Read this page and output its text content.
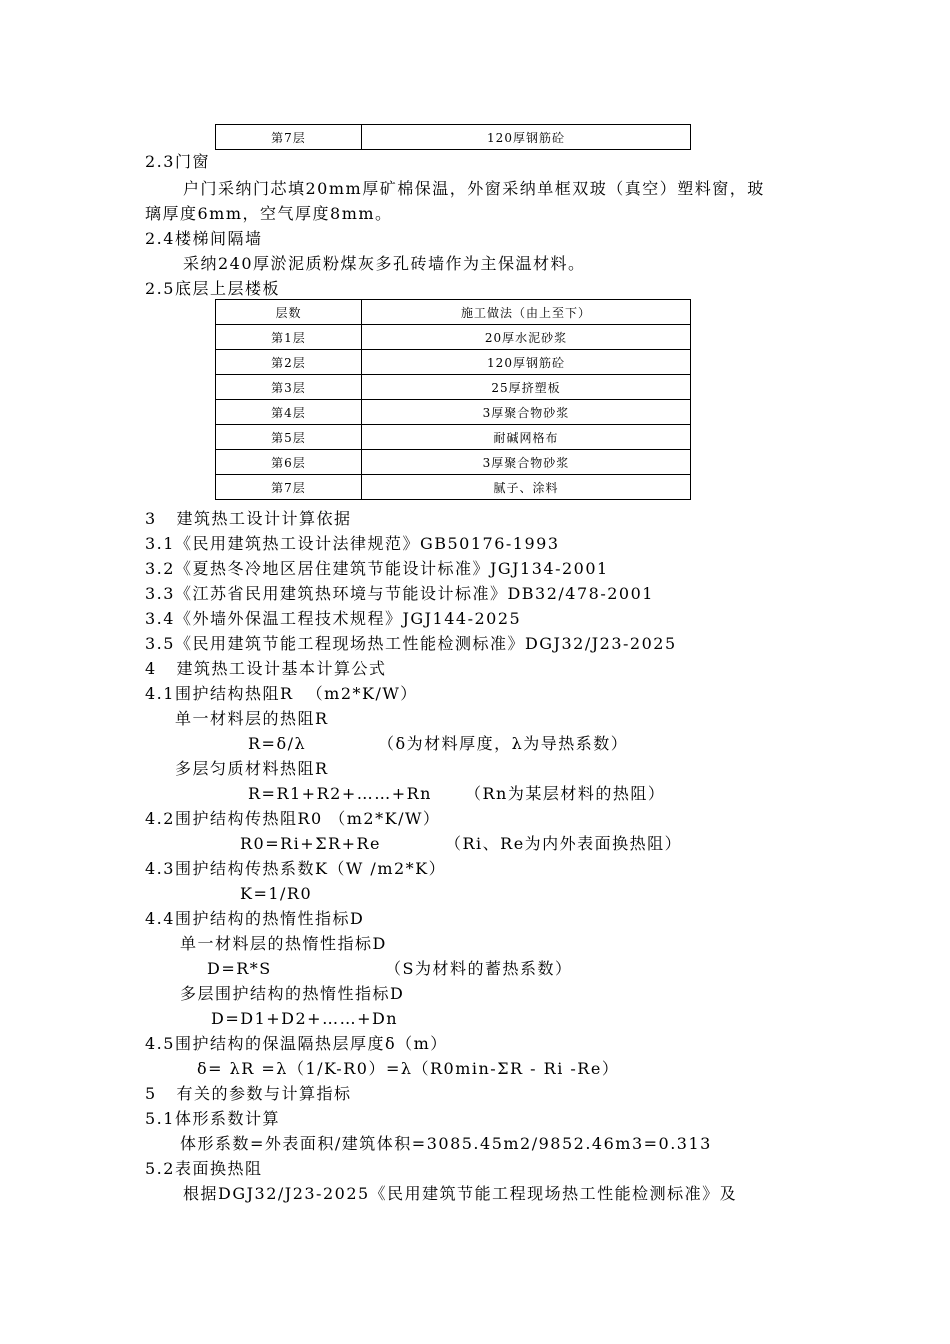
第7层	120厚钢筋砼
2.3门窗
户门采纳门芯填20mm厚矿棉保温，外窗采纳单框双玻（真空）塑料窗，玻
璃厚度6mm，空气厚度8mm。
2.4楼梯间隔墙
采纳240厚淤泥质粉煤灰多孔砖墙作为主保温材料。
2.5底层上层楼板
层数	施工做法（由上至下）
第1层	20厚水泥砂浆
第2层	120厚钢筋砼
第3层	25厚挤塑板
第4层	3厚聚合物砂浆
第5层	耐碱网格布
第6层	3厚聚合物砂浆
第7层	腻子、涂料
3   建筑热工设计计算依据
3.1《民用建筑热工设计法律规范》GB50176-1993
3.2《夏热冬冷地区居住建筑节能设计标准》JGJ134-2001
3.3《江苏省民用建筑热环境与节能设计标准》DB32/478-2001
3.4《外墙外保温工程技术规程》JGJ144-2025
3.5《民用建筑节能工程现场热工性能检测标准》DGJ32/J23-2025
4   建筑热工设计基本计算公式
4.1围护结构热阻R  （m2*K/W）
单一材料层的热阻R
R=δ/λ	（δ为材料厚度，λ为导热系数）
多层匀质材料热阻R
R=R1+R2+……+Rn （Rn为某层材料的热阻）
4.2围护结构传热阻R0 （m2*K/W）
R0=Ri+ΣR+Re	（Ri、Re为内外表面换热阻）
4.3围护结构传热系数K（W /m2*K）
K=1/R0
4.4围护结构的热惰性指标D
单一材料层的热惰性指标D
D=R*S	（S为材料的蓄热系数）
多层围护结构的热惰性指标D
D=D1+D2+……+Dn
4.5围护结构的保温隔热层厚度δ（m）
δ= λR =λ（1/K-R0）=λ（R0min-ΣR - Ri -Re）
5   有关的参数与计算指标
5.1体形系数计算
体形系数=外表面积/建筑体积=3085.45m2/9852.46m3=0.313
5.2表面换热阻
根据DGJ32/J23-2025《民用建筑节能工程现场热工性能检测标准》及
